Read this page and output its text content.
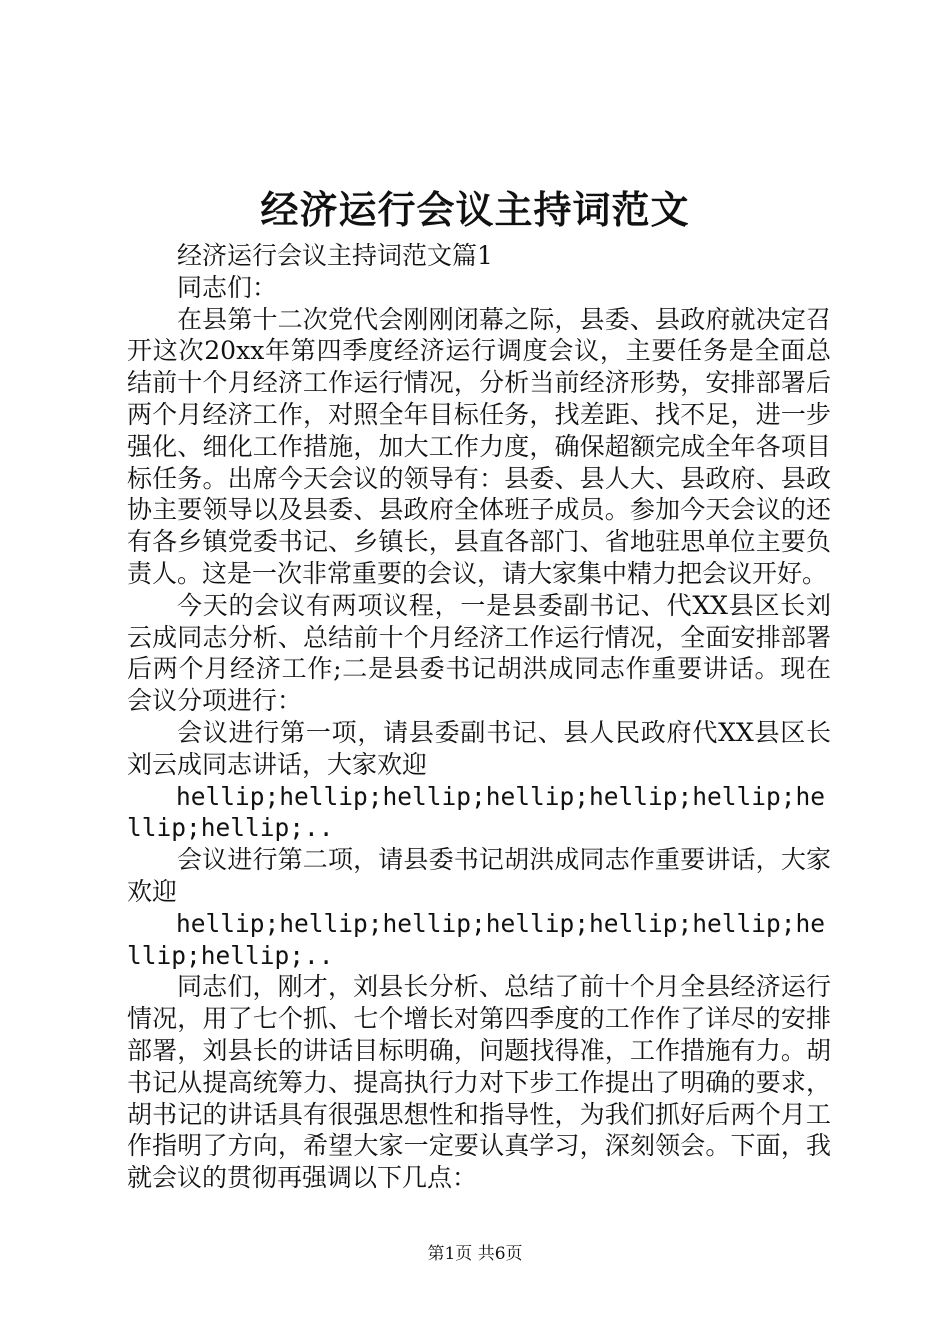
经济运行会议主持词范文

经济运行会议主持词范文篇1

同志们：

在县第十二次党代会刚刚闭幕之际，县委、县政府就决定召开这次20xx年第四季度经济运行调度会议，主要任务是全面总结前十个月经济工作运行情况，分析当前经济形势，安排部署后两个月经济工作，对照全年目标任务，找差距、找不足，进一步强化、细化工作措施，加大工作力度，确保超额完成全年各项目标任务。出席今天会议的领导有：县委、县人大、县政府、县政协主要领导以及县委、县政府全体班子成员。参加今天会议的还有各乡镇党委书记、乡镇长，县直各部门、省地驻思单位主要负责人。这是一次非常重要的会议，请大家集中精力把会议开好。

今天的会议有两项议程，一是县委副书记、代XX县区长刘云成同志分析、总结前十个月经济工作运行情况，全面安排部署后两个月经济工作;二是县委书记胡洪成同志作重要讲话。现在会议分项进行：

会议进行第一项，请县委副书记、县人民政府代XX县区长刘云成同志讲话，大家欢迎

hellip;hellip;hellip;hellip;hellip;hellip;hellip;hellip;..

会议进行第二项，请县委书记胡洪成同志作重要讲话，大家欢迎

hellip;hellip;hellip;hellip;hellip;hellip;hellip;hellip;..

同志们，刚才，刘县长分析、总结了前十个月全县经济运行情况，用了七个抓、七个增长对第四季度的工作作了详尽的安排部署，刘县长的讲话目标明确，问题找得准，工作措施有力。胡书记从提高统筹力、提高执行力对下步工作提出了明确的要求，胡书记的讲话具有很强思想性和指导性，为我们抓好后两个月工作指明了方向，希望大家一定要认真学习，深刻领会。下面，我就会议的贯彻再强调以下几点：

第1页 共6页
